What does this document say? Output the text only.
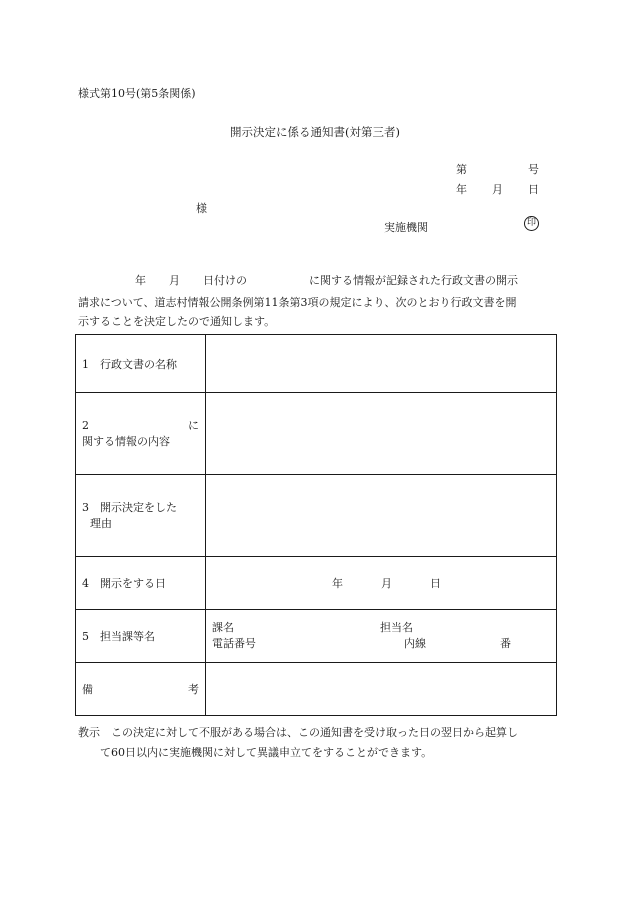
様式第10号(第5条関係)
開示決定に係る通知書(対第三者)
第	号
年 月 日
様
実施機関	印
年 月 日付けの	に関する情報が記録された行政文書の開示
請求について、道志村情報公開条例第11条第3項の規定により、次のとおり行政文書を開
示することを決定したので通知します。
1　行政文書の名称	

2 に
関する情報の内容	

3　開示決定をした
理由	

4　開示をする日	年 月 日
5　担当課等名	課名 担当名
電話番号 内線 番

備 考	

教示　この決定に対して不服がある場合は、この通知書を受け取った日の翌日から起算し
て60日以内に実施機関に対して異議申立てをすることができます。
